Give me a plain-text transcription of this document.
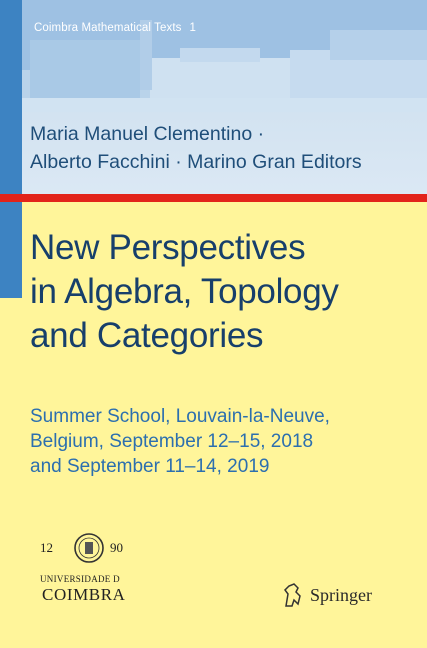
Coimbra Mathematical Texts 1
Maria Manuel Clementino ·
Alberto Facchini · Marino Gran Editors
New Perspectives
in Algebra, Topology
and Categories
Summer School, Louvain-la-Neuve,
Belgium, September 12–15, 2018
and September 11–14, 2019
12	90
UNIVERSIDADE D
COIMBRA	Springer
